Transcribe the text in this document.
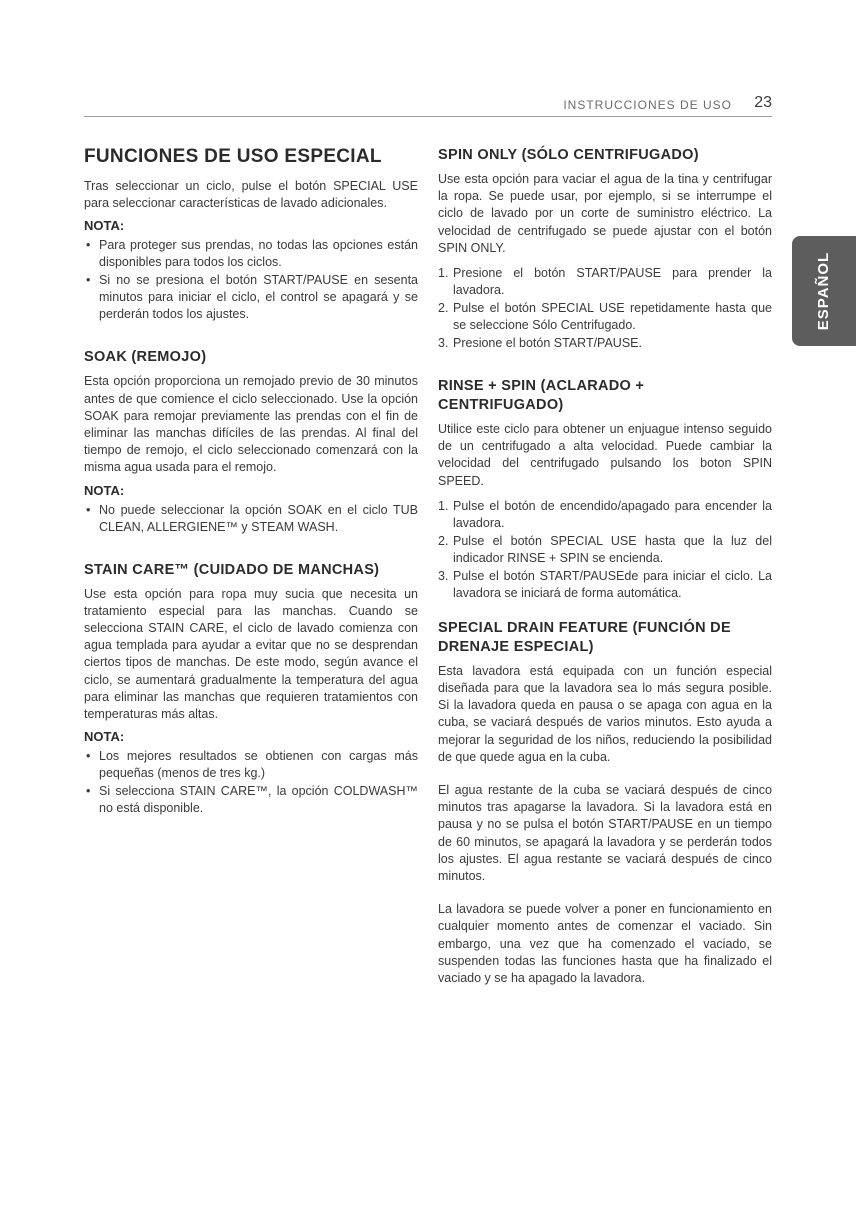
INSTRUCCIONES DE USO 23
ESPAÑOL
FUNCIONES DE USO ESPECIAL

Tras seleccionar un ciclo, pulse el botón SPECIAL USE para seleccionar características de lavado adicionales.

NOTA:
• Para proteger sus prendas, no todas las opciones están disponibles para todos los ciclos.
• Si no se presiona el botón START/PAUSE en sesenta minutos para iniciar el ciclo, el control se apagará y se perderán todos los ajustes.
SOAK (REMOJO)

Esta opción proporciona un remojado previo de 30 minutos antes de que comience el ciclo seleccionado. Use la opción SOAK para remojar previamente las prendas con el fin de eliminar las manchas difíciles de las prendas. Al final del tiempo de remojo, el ciclo seleccionado comenzará con la misma agua usada para el remojo.

NOTA:
• No puede seleccionar la opción SOAK en el ciclo TUB CLEAN, ALLERGIENE™ y STEAM WASH.
STAIN CARE™ (CUIDADO DE MANCHAS)

Use esta opción para ropa muy sucia que necesita un tratamiento especial para las manchas. Cuando se selecciona STAIN CARE, el ciclo de lavado comienza con agua templada para ayudar a evitar que no se desprendan ciertos tipos de manchas. De este modo, según avance el ciclo, se aumentará gradualmente la temperatura del agua para eliminar las manchas que requieren tratamientos con temperaturas más altas.

NOTA:
• Los mejores resultados se obtienen con cargas más pequeñas (menos de tres kg.)
• Si selecciona STAIN CARE™, la opción COLDWASH™ no está disponible.
SPIN ONLY (SÓLO CENTRIFUGADO)

Use esta opción para vaciar el agua de la tina y centrifugar la ropa. Se puede usar, por ejemplo, si se interrumpe el ciclo de lavado por un corte de suministro eléctrico. La velocidad de centrifugado se puede ajustar con el botón SPIN ONLY.

1. Presione el botón START/PAUSE para prender la lavadora.
2. Pulse el botón SPECIAL USE repetidamente hasta que se seleccione Sólo Centrifugado.
3. Presione el botón START/PAUSE.
RINSE + SPIN (ACLARADO + CENTRIFUGADO)

Utilice este ciclo para obtener un enjuague intenso seguido de un centrifugado a alta velocidad. Puede cambiar la velocidad del centrifugado pulsando los boton SPIN SPEED.

1. Pulse el botón de encendido/apagado para encender la lavadora.
2. Pulse el botón SPECIAL USE hasta que la luz del indicador RINSE + SPIN se encienda.
3. Pulse el botón START/PAUSEde para iniciar el ciclo. La lavadora se iniciará de forma automática.
SPECIAL DRAIN FEATURE (FUNCIÓN DE DRENAJE ESPECIAL)

Esta lavadora está equipada con un función especial diseñada para que la lavadora sea lo más segura posible. Si la lavadora queda en pausa o se apaga con agua en la cuba, se vaciará después de varios minutos. Esto ayuda a mejorar la seguridad de los niños, reduciendo la posibilidad de que quede agua en la cuba.

El agua restante de la cuba se vaciará después de cinco minutos tras apagarse la lavadora. Si la lavadora está en pausa y no se pulsa el botón START/PAUSE en un tiempo de 60 minutos, se apagará la lavadora y se perderán todos los ajustes. El agua restante se vaciará después de cinco minutos.

La lavadora se puede volver a poner en funcionamiento en cualquier momento antes de comenzar el vaciado. Sin embargo, una vez que ha comenzado el vaciado, se suspenden todas las funciones hasta que ha finalizado el vaciado y se ha apagado la lavadora.
